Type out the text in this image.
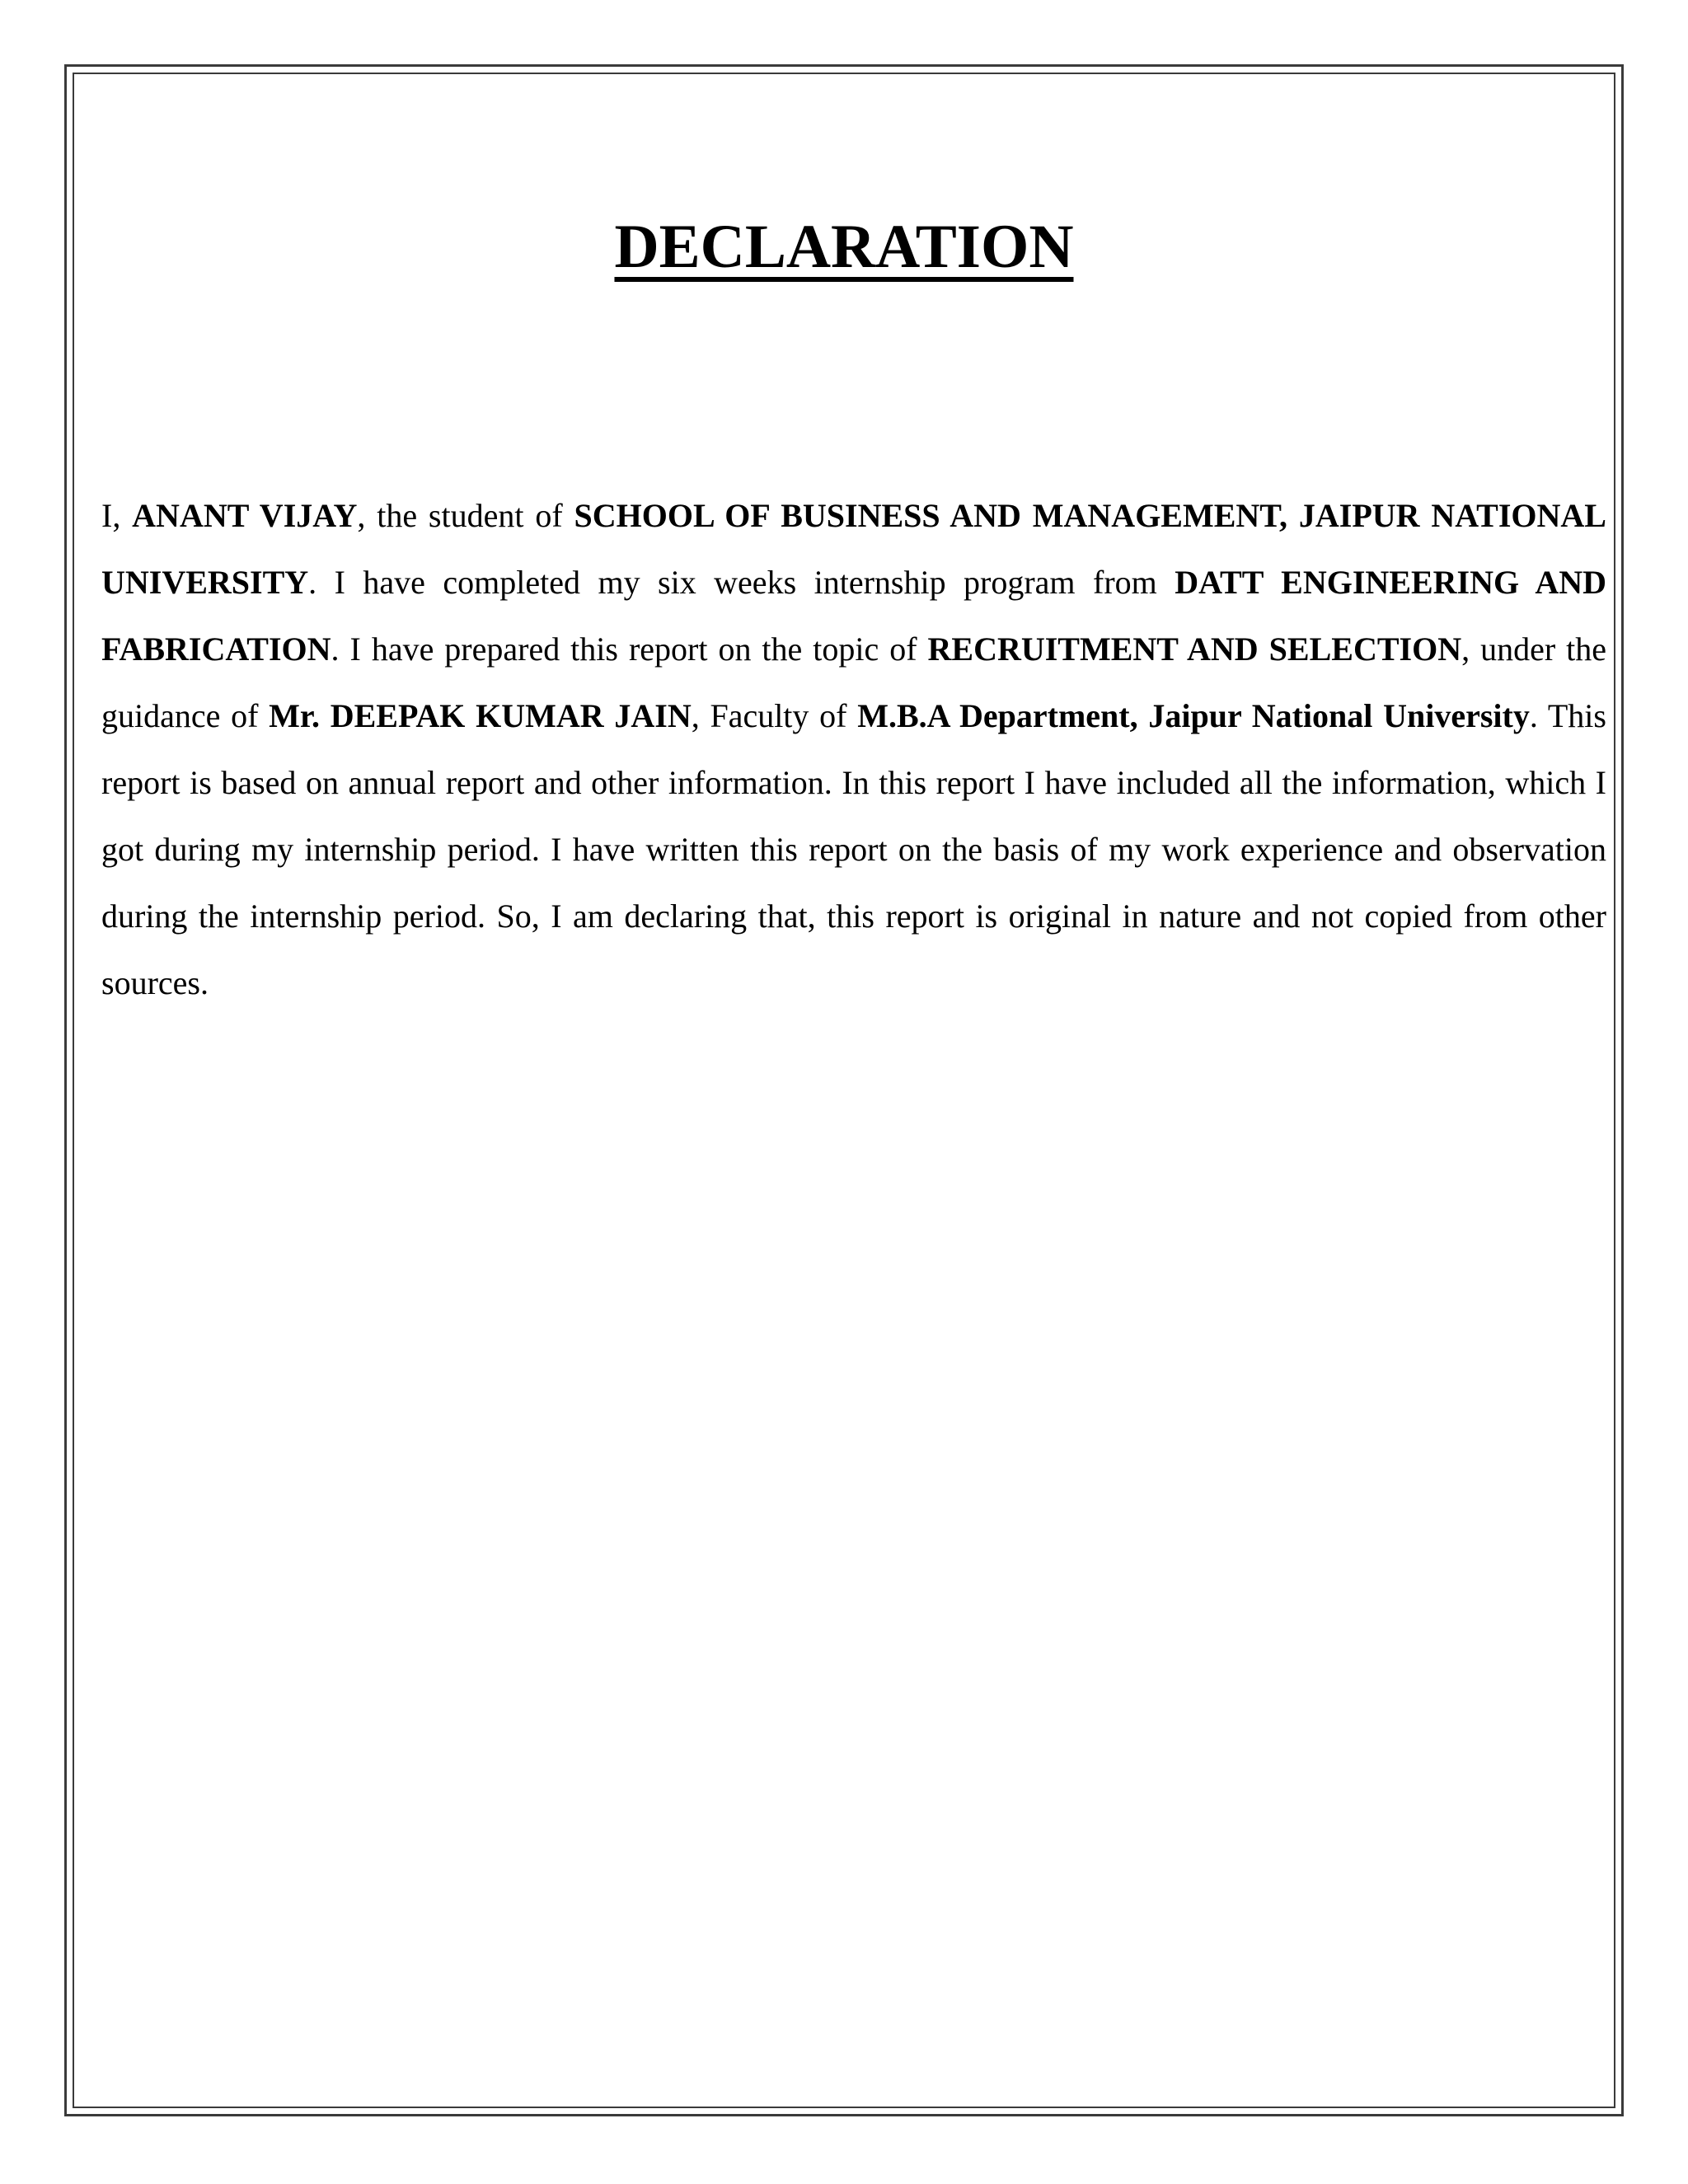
DECLARATION

I, ANANT VIJAY, the student of SCHOOL OF BUSINESS AND MANAGEMENT, JAIPUR NATIONAL UNIVERSITY. I have completed my six weeks internship program from DATT ENGINEERING AND FABRICATION. I have prepared this report on the topic of RECRUITMENT AND SELECTION, under the guidance of Mr. DEEPAK KUMAR JAIN, Faculty of M.B.A Department, Jaipur National University. This report is based on annual report and other information. In this report I have included all the information, which I got during my internship period. I have written this report on the basis of my work experience and observation during the internship period. So, I am declaring that, this report is original in nature and not copied from other sources.
